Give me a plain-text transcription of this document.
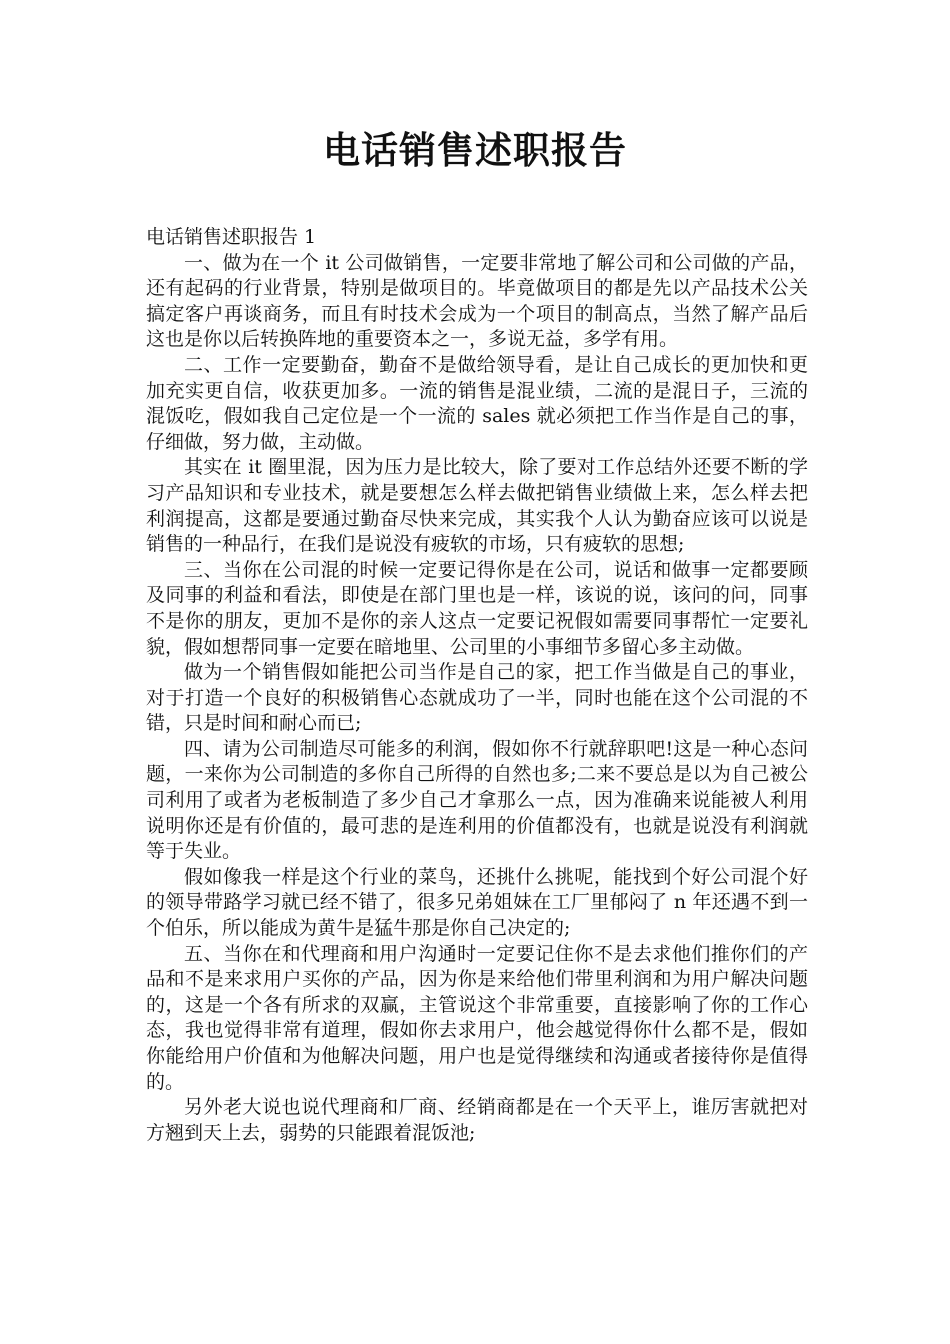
电话销售述职报告

电话销售述职报告 1

一、做为在一个 it 公司做销售，一定要非常地了解公司和公司做的产品，还有起码的行业背景，特别是做项目的。毕竟做项目的都是先以产品技术公关搞定客户再谈商务，而且有时技术会成为一个项目的制高点，当然了解产品后这也是你以后转换阵地的重要资本之一，多说无益，多学有用。

二、工作一定要勤奋，勤奋不是做给领导看，是让自己成长的更加快和更加充实更自信，收获更加多。一流的销售是混业绩，二流的是混日子，三流的混饭吃，假如我自己定位是一个一流的 sales 就必须把工作当作是自己的事，仔细做，努力做，主动做。

其实在 it 圈里混，因为压力是比较大，除了要对工作总结外还要不断的学习产品知识和专业技术，就是要想怎么样去做把销售业绩做上来，怎么样去把利润提高，这都是要通过勤奋尽快来完成，其实我个人认为勤奋应该可以说是销售的一种品行，在我们是说没有疲软的市场，只有疲软的思想;

三、当你在公司混的时候一定要记得你是在公司，说话和做事一定都要顾及同事的利益和看法，即使是在部门里也是一样，该说的说，该问的问，同事不是你的朋友，更加不是你的亲人这点一定要记祝假如需要同事帮忙一定要礼貌，假如想帮同事一定要在暗地里、公司里的小事细节多留心多主动做。

做为一个销售假如能把公司当作是自己的家，把工作当做是自己的事业，对于打造一个良好的积极销售心态就成功了一半，同时也能在这个公司混的不错，只是时间和耐心而已;

四、请为公司制造尽可能多的利润，假如你不行就辞职吧!这是一种心态问题，一来你为公司制造的多你自己所得的自然也多;二来不要总是以为自己被公司利用了或者为老板制造了多少自己才拿那么一点，因为准确来说能被人利用说明你还是有价值的，最可悲的是连利用的价值都没有，也就是说没有利润就等于失业。

假如像我一样是这个行业的菜鸟，还挑什么挑呢，能找到个好公司混个好的领导带路学习就已经不错了，很多兄弟姐妹在工厂里郁闷了 n 年还遇不到一个伯乐，所以能成为黄牛是猛牛那是你自己决定的;

五、当你在和代理商和用户沟通时一定要记住你不是去求他们推你们的产品和不是来求用户买你的产品，因为你是来给他们带里利润和为用户解决问题的，这是一个各有所求的双赢，主管说这个非常重要，直接影响了你的工作心态，我也觉得非常有道理，假如你去求用户，他会越觉得你什么都不是，假如你能给用户价值和为他解决问题，用户也是觉得继续和沟通或者接待你是值得的。

另外老大说也说代理商和厂商、经销商都是在一个天平上，谁厉害就把对方翘到天上去，弱势的只能跟着混饭池;
